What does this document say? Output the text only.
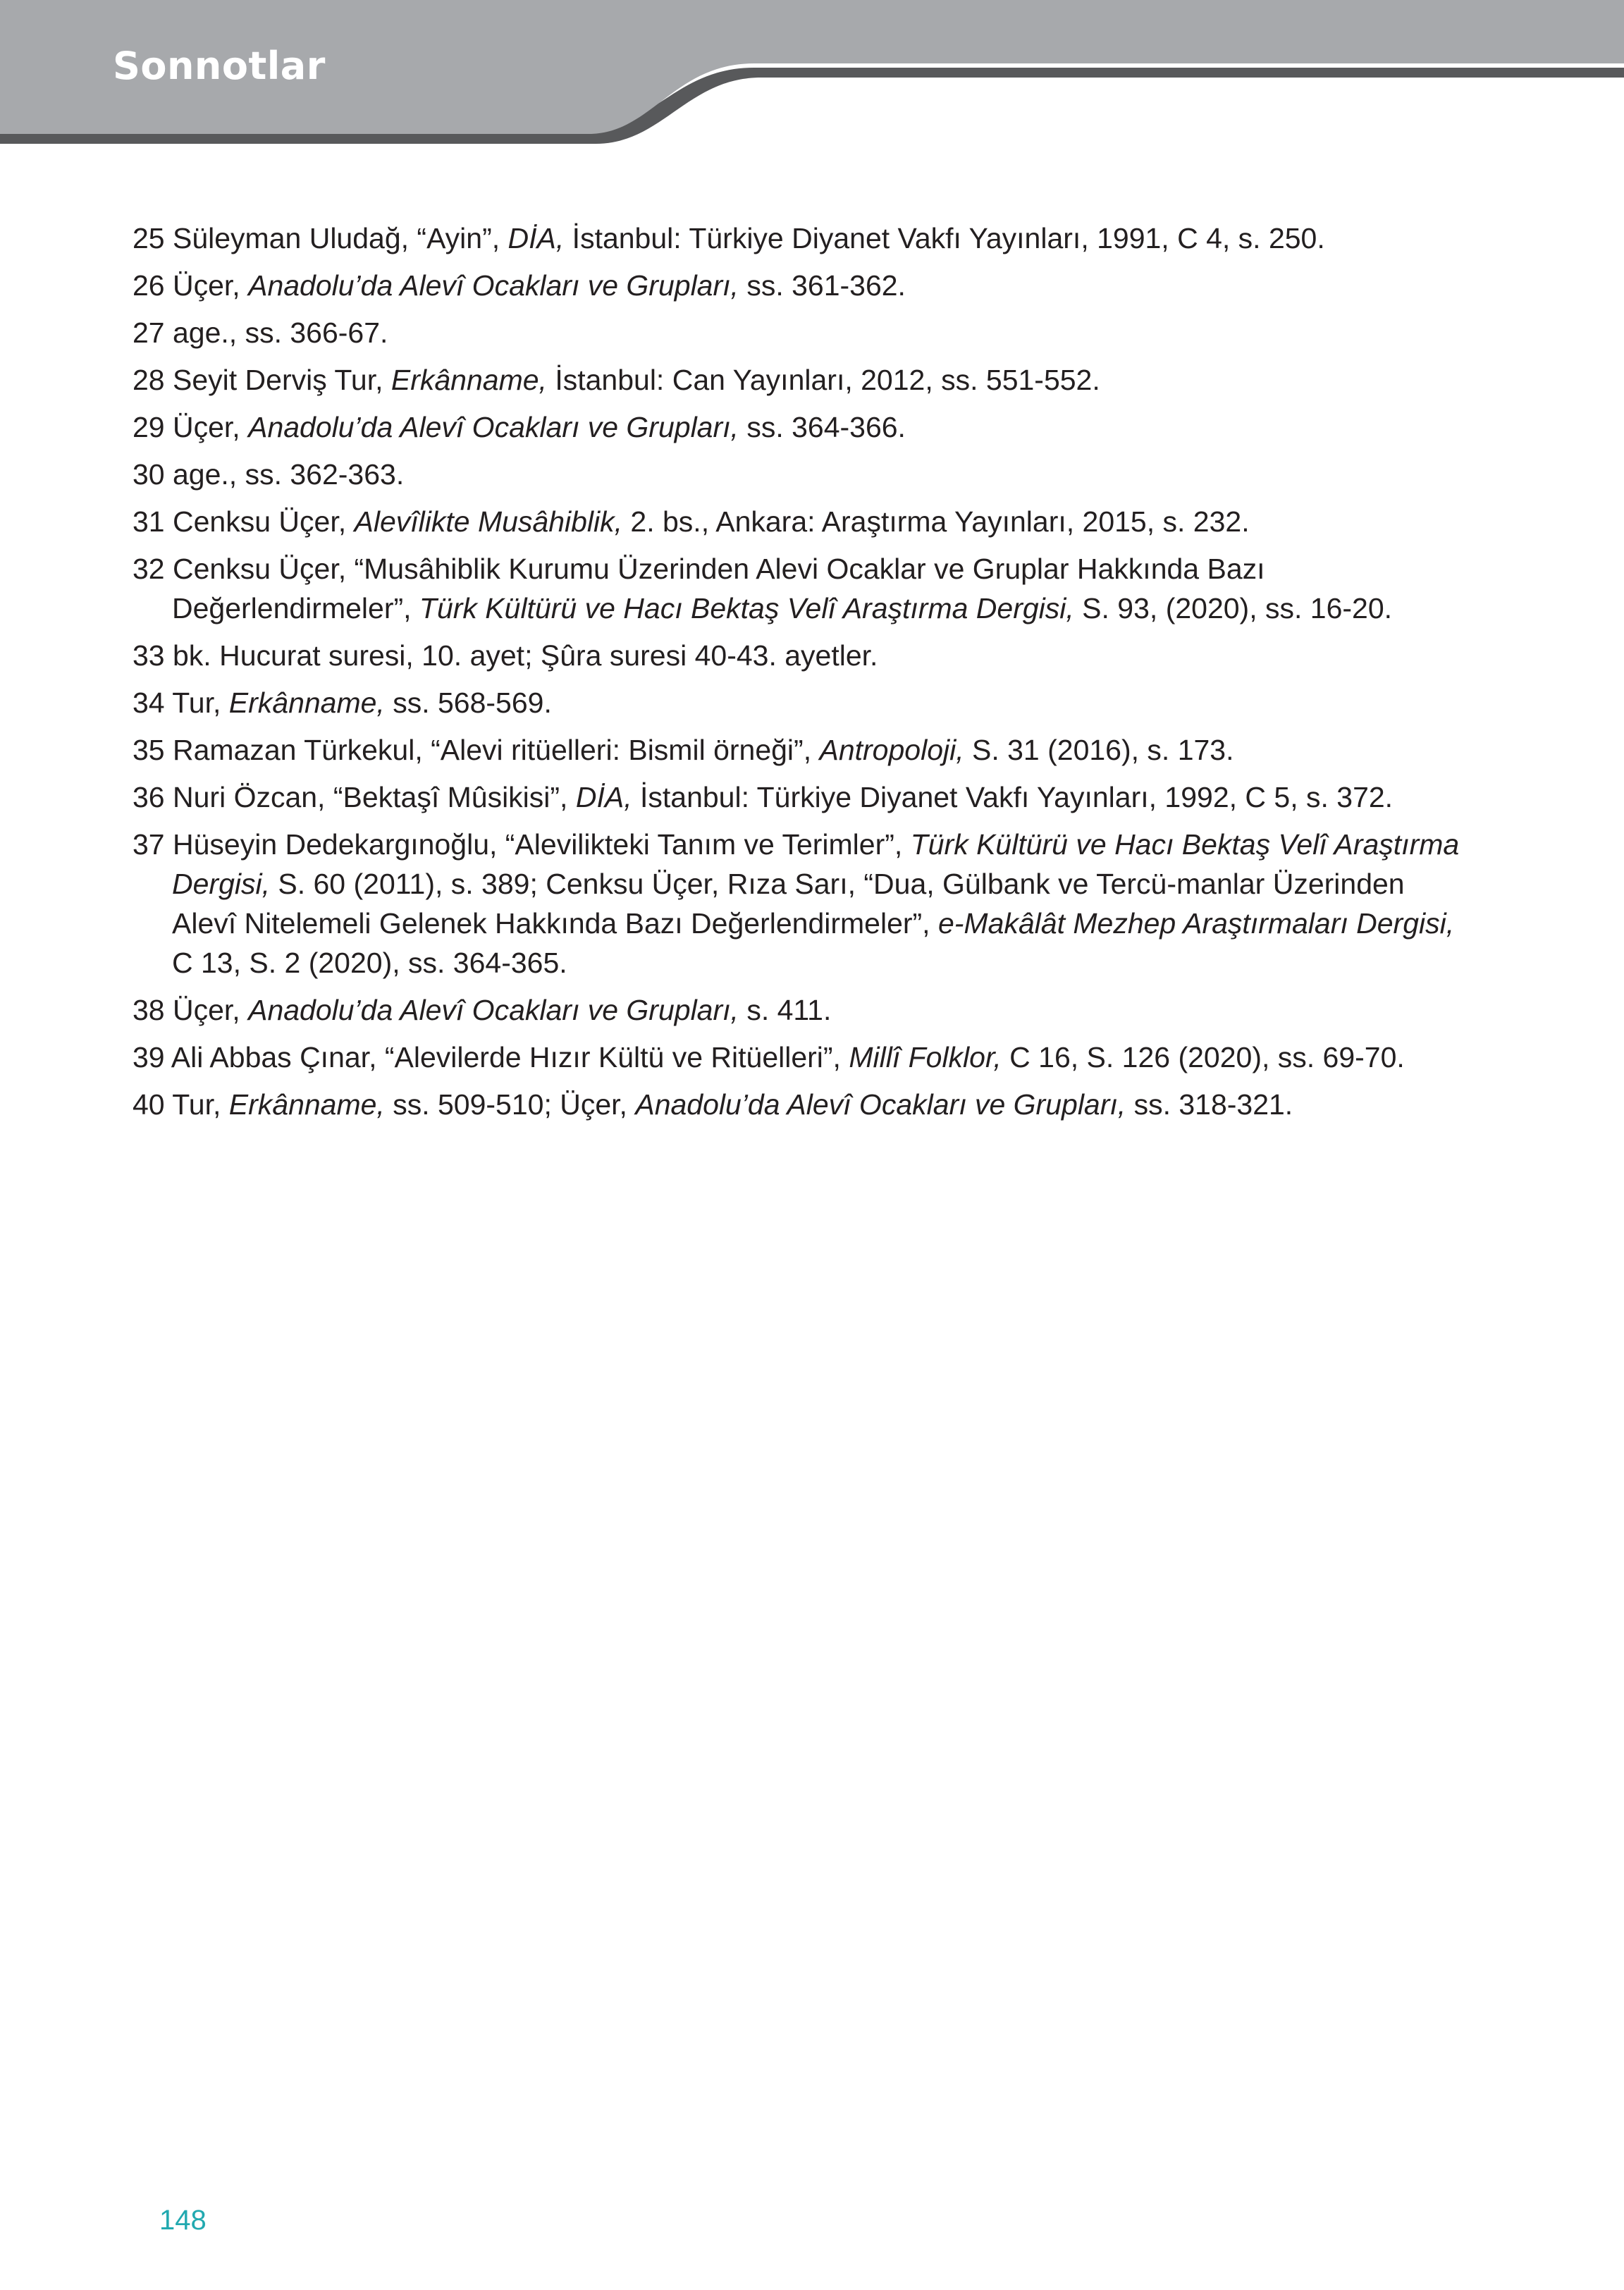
Sonnotlar
25 Süleyman Uludağ, “Ayin”, DİA, İstanbul: Türkiye Diyanet Vakfı Yayınları, 1991, C 4, s. 250.
26 Üçer, Anadolu’da Alevî Ocakları ve Grupları, ss. 361-362.
27 age., ss. 366-67.
28 Seyit Derviş Tur, Erkânname, İstanbul: Can Yayınları, 2012, ss. 551-552.
29 Üçer, Anadolu’da Alevî Ocakları ve Grupları, ss. 364-366.
30 age., ss. 362-363.
31 Cenksu Üçer, Alevîlikte Musâhiblik, 2. bs., Ankara: Araştırma Yayınları, 2015, s. 232.
32 Cenksu Üçer, “Musâhiblik Kurumu Üzerinden Alevi Ocaklar ve Gruplar Hakkında Bazı Değerlendirmeler”, Türk Kültürü ve Hacı Bektaş Velî Araştırma Dergisi, S. 93, (2020), ss. 16-20.
33 bk. Hucurat suresi, 10. ayet; Şûra suresi 40-43. ayetler.
34 Tur, Erkânname, ss. 568-569.
35 Ramazan Türkekul, “Alevi ritüelleri: Bismil örneği”, Antropoloji, S. 31 (2016), s. 173.
36 Nuri Özcan, “Bektaşî Mûsikisi”, DİA, İstanbul: Türkiye Diyanet Vakfı Yayınları, 1992, C 5, s. 372.
37 Hüseyin Dedekargınoğlu, “Alevilikteki Tanım ve Terimler”, Türk Kültürü ve Hacı Bektaş Velî Araştırma Dergisi, S. 60 (2011), s. 389; Cenksu Üçer, Rıza Sarı, “Dua, Gülbank ve Tercü-manlar Üzerinden Alevî Nitelemeli Gelenek Hakkında Bazı Değerlendirmeler”, e-Makâlât Mezhep Araştırmaları Dergisi, C 13, S. 2 (2020), ss. 364-365.
38 Üçer, Anadolu’da Alevî Ocakları ve Grupları, s. 411.
39 Ali Abbas Çınar, “Alevilerde Hızır Kültü ve Ritüelleri”, Millî Folklor, C 16, S. 126 (2020), ss. 69-70.
40 Tur, Erkânname, ss. 509-510; Üçer, Anadolu’da Alevî Ocakları ve Grupları, ss. 318-321.
148
